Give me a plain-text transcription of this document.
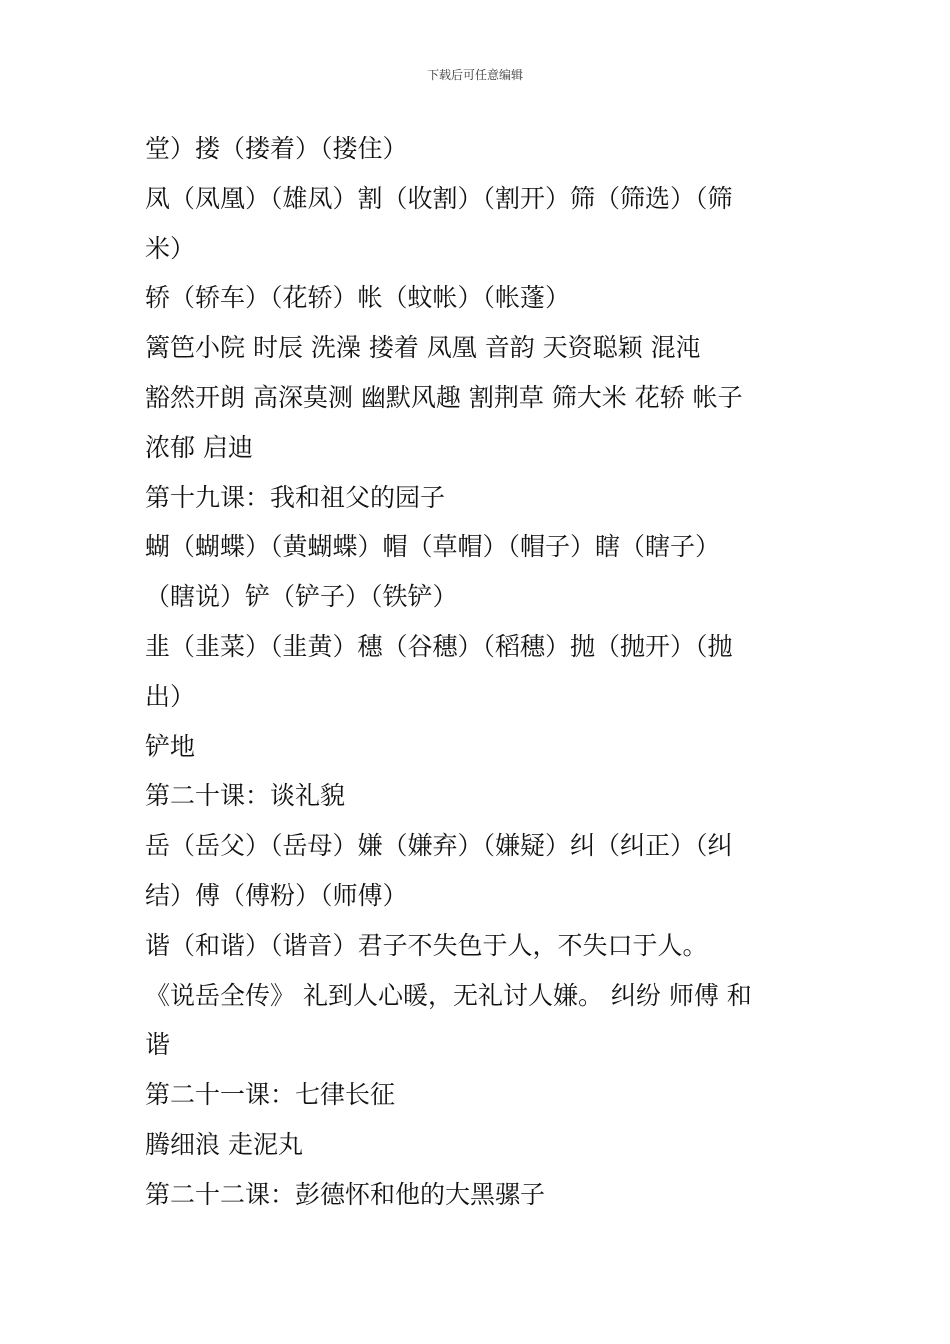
下载后可任意编辑
堂）搂（搂着）（搂住）
凤（凤凰）（雄凤）割（收割）（割开）筛（筛选）（筛
米）
轿（轿车）（花轿）帐（蚊帐）（帐蓬）
篱笆小院 时辰 洗澡 搂着 凤凰 音韵 天资聪颖 混沌
豁然开朗 高深莫测 幽默风趣 割荆草 筛大米 花轿 帐子
浓郁 启迪
第十九课：我和祖父的园子
蝴（蝴蝶）（黄蝴蝶）帽（草帽）（帽子）瞎（瞎子）
（瞎说）铲（铲子）（铁铲）
韭（韭菜）（韭黄）穗（谷穗）（稻穗）抛（抛开）（抛
出）
铲地
第二十课：谈礼貌
岳（岳父）（岳母）嫌（嫌弃）（嫌疑）纠（纠正）（纠
结）傅（傅粉）（师傅）
谐（和谐）（谐音）君子不失色于人，不失口于人。
《说岳全传》 礼到人心暖，无礼讨人嫌。 纠纷 师傅 和
谐
第二十一课：七律长征
腾细浪 走泥丸
第二十二课：彭德怀和他的大黑骡子
